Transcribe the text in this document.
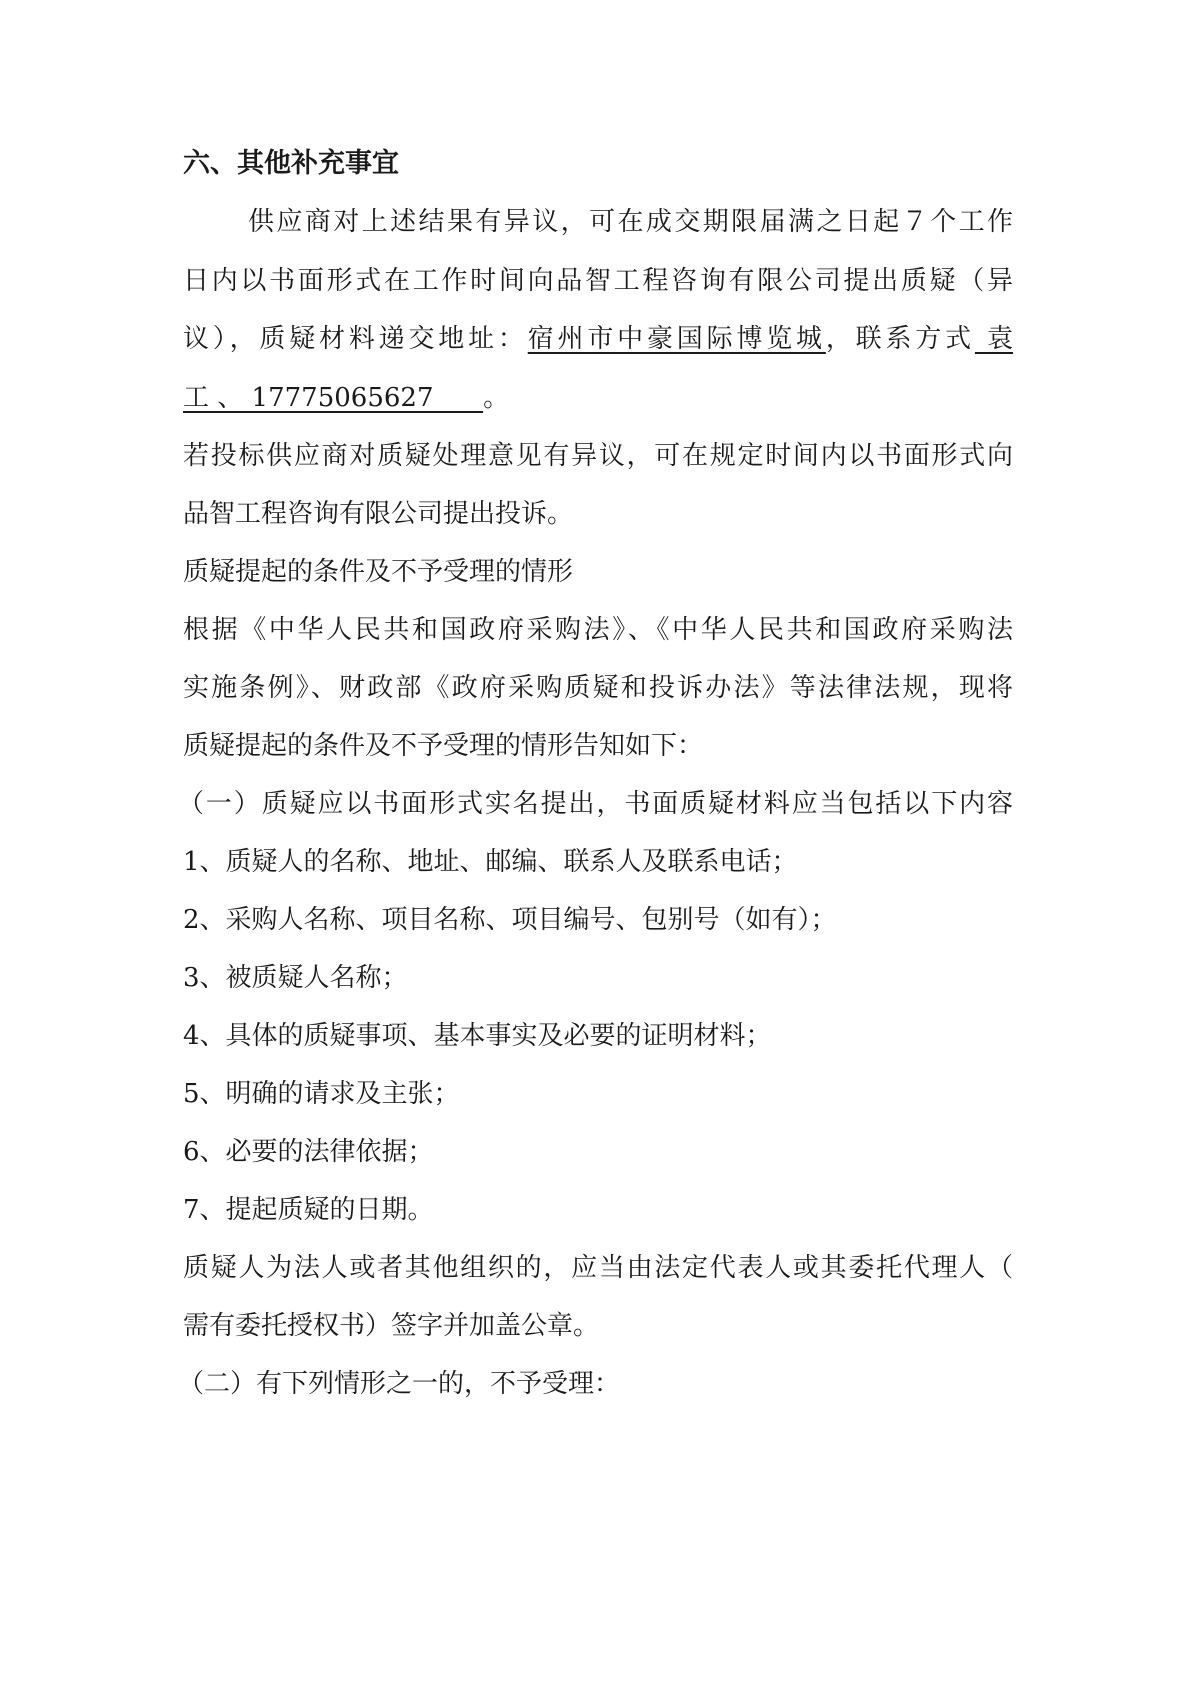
六、其他补充事宜
供应商对上述结果有异议，可在成交期限届满之日起７个工作
日内以书面形式在工作时间向品智工程咨询有限公司提出质疑（异
议），质疑材料递交地址：宿州市中豪国际博览城，联系方式 袁
工 、 17775065627      。
若投标供应商对质疑处理意见有异议，可在规定时间内以书面形式向
品智工程咨询有限公司提出投诉。
质疑提起的条件及不予受理的情形
根据《中华人民共和国政府采购法》、《中华人民共和国政府采购法
实施条例》、财政部《政府采购质疑和投诉办法》等法律法规，现将
质疑提起的条件及不予受理的情形告知如下：
（一）质疑应以书面形式实名提出，书面质疑材料应当包括以下内容
1、质疑人的名称、地址、邮编、联系人及联系电话；
2、采购人名称、项目名称、项目编号、包别号（如有）；
3、被质疑人名称；
4、具体的质疑事项、基本事实及必要的证明材料；
5、明确的请求及主张；
6、必要的法律依据；
7、提起质疑的日期。
质疑人为法人或者其他组织的，应当由法定代表人或其委托代理人（
需有委托授权书）签字并加盖公章。
（二）有下列情形之一的，不予受理：
